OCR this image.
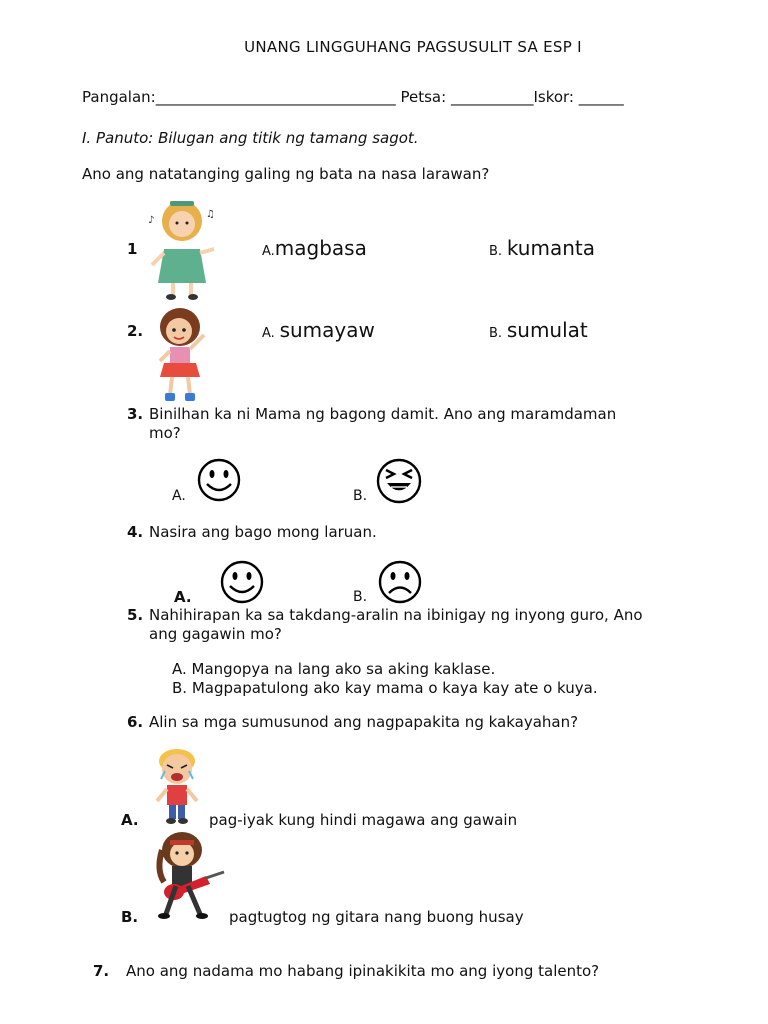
UNANG LINGGUHANG PAGSUSULIT SA ESP I
Pangalan:________________________________ Petsa: ___________Iskor: ______
I. Panuto: Bilugan ang titik ng tamang sagot.
Ano ang natatanging galing ng bata na nasa larawan?
1
♪
♫
A.magbasa	B. kumanta
2.	A. sumayaw	B. sumulat
3. Binilhan ka ni Mama ng bagong damit. Ano ang maramdaman
mo?
A.	B.
4. Nasira ang bago mong laruan.
A.	B.
5. Nahihirapan ka sa takdang-aralin na ibinigay ng inyong guro, Ano
ang gagawin mo?
A. Mangopya na lang ako sa aking kaklase.
B. Magpapatulong ako kay mama o kaya kay ate o kuya.
6. Alin sa mga sumusunod ang nagpapakita ng kakayahan?
A.	pag-iyak kung hindi magawa ang gawain
B.	pagtugtog ng gitara nang buong husay
7. Ano ang nadama mo habang ipinakikita mo ang iyong talento?
